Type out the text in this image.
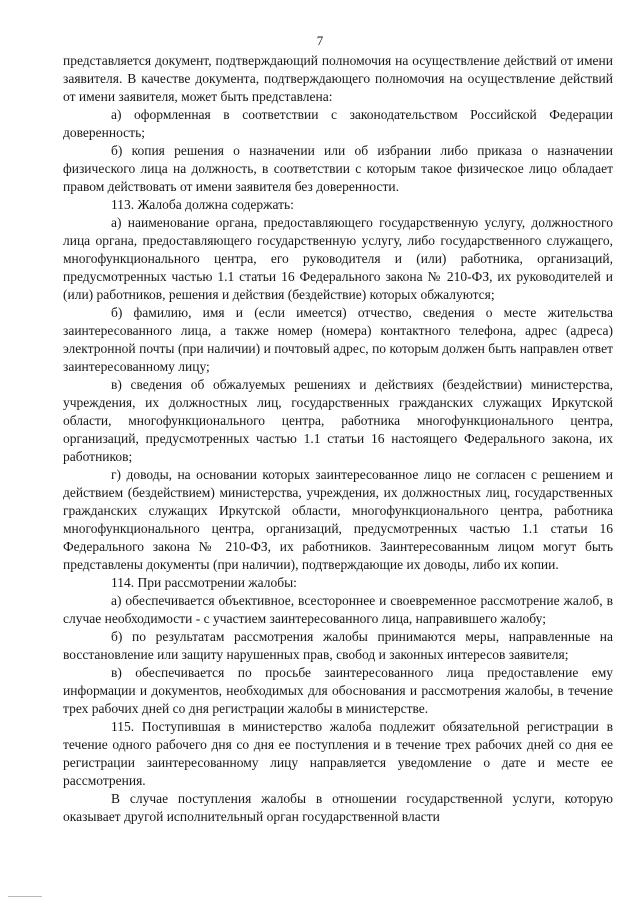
7

представляется документ, подтверждающий полномочия на осуществление действий от имени заявителя. В качестве документа, подтверждающего полномочия на осуществление действий от имени заявителя, может быть представлена:

а) оформленная в соответствии с законодательством Российской Федерации доверенность;

б) копия решения о назначении или об избрании либо приказа о назначении физического лица на должность, в соответствии с которым такое физическое лицо обладает правом действовать от имени заявителя без доверенности.

113. Жалоба должна содержать:

а) наименование органа, предоставляющего государственную услугу, должностного лица органа, предоставляющего государственную услугу, либо государственного служащего, многофункционального центра, его руководителя и (или) работника, организаций, предусмотренных частью 1.1 статьи 16 Федерального закона № 210-ФЗ, их руководителей и (или) работников, решения и действия (бездействие) которых обжалуются;

б) фамилию, имя и (если имеется) отчество, сведения о месте жительства заинтересованного лица, а также номер (номера) контактного телефона, адрес (адреса) электронной почты (при наличии) и почтовый адрес, по которым должен быть направлен ответ заинтересованному лицу;

в) сведения об обжалуемых решениях и действиях (бездействии) министерства, учреждения, их должностных лиц, государственных гражданских служащих Иркутской области, многофункционального центра, работника многофункционального центра, организаций, предусмотренных частью 1.1 статьи 16 настоящего Федерального закона, их работников;

г) доводы, на основании которых заинтересованное лицо не согласен с решением и действием (бездействием) министерства, учреждения, их должностных лиц, государственных гражданских служащих Иркутской области, многофункционального центра, работника многофункционального центра, организаций, предусмотренных частью 1.1 статьи 16 Федерального закона № 210-ФЗ, их работников. Заинтересованным лицом могут быть представлены документы (при наличии), подтверждающие их доводы, либо их копии.

114. При рассмотрении жалобы:

а) обеспечивается объективное, всестороннее и своевременное рассмотрение жалоб, в случае необходимости - с участием заинтересованного лица, направившего жалобу;

б) по результатам рассмотрения жалобы принимаются меры, направленные на восстановление или защиту нарушенных прав, свобод и законных интересов заявителя;

в) обеспечивается по просьбе заинтересованного лица предоставление ему информации и документов, необходимых для обоснования и рассмотрения жалобы, в течение трех рабочих дней со дня регистрации жалобы в министерстве.

115. Поступившая в министерство жалоба подлежит обязательной регистрации в течение одного рабочего дня со дня ее поступления и в течение трех рабочих дней со дня ее регистрации заинтересованному лицу направляется уведомление о дате и месте ее рассмотрения.

В случае поступления жалобы в отношении государственной услуги, которую оказывает другой исполнительный орган государственной власти
